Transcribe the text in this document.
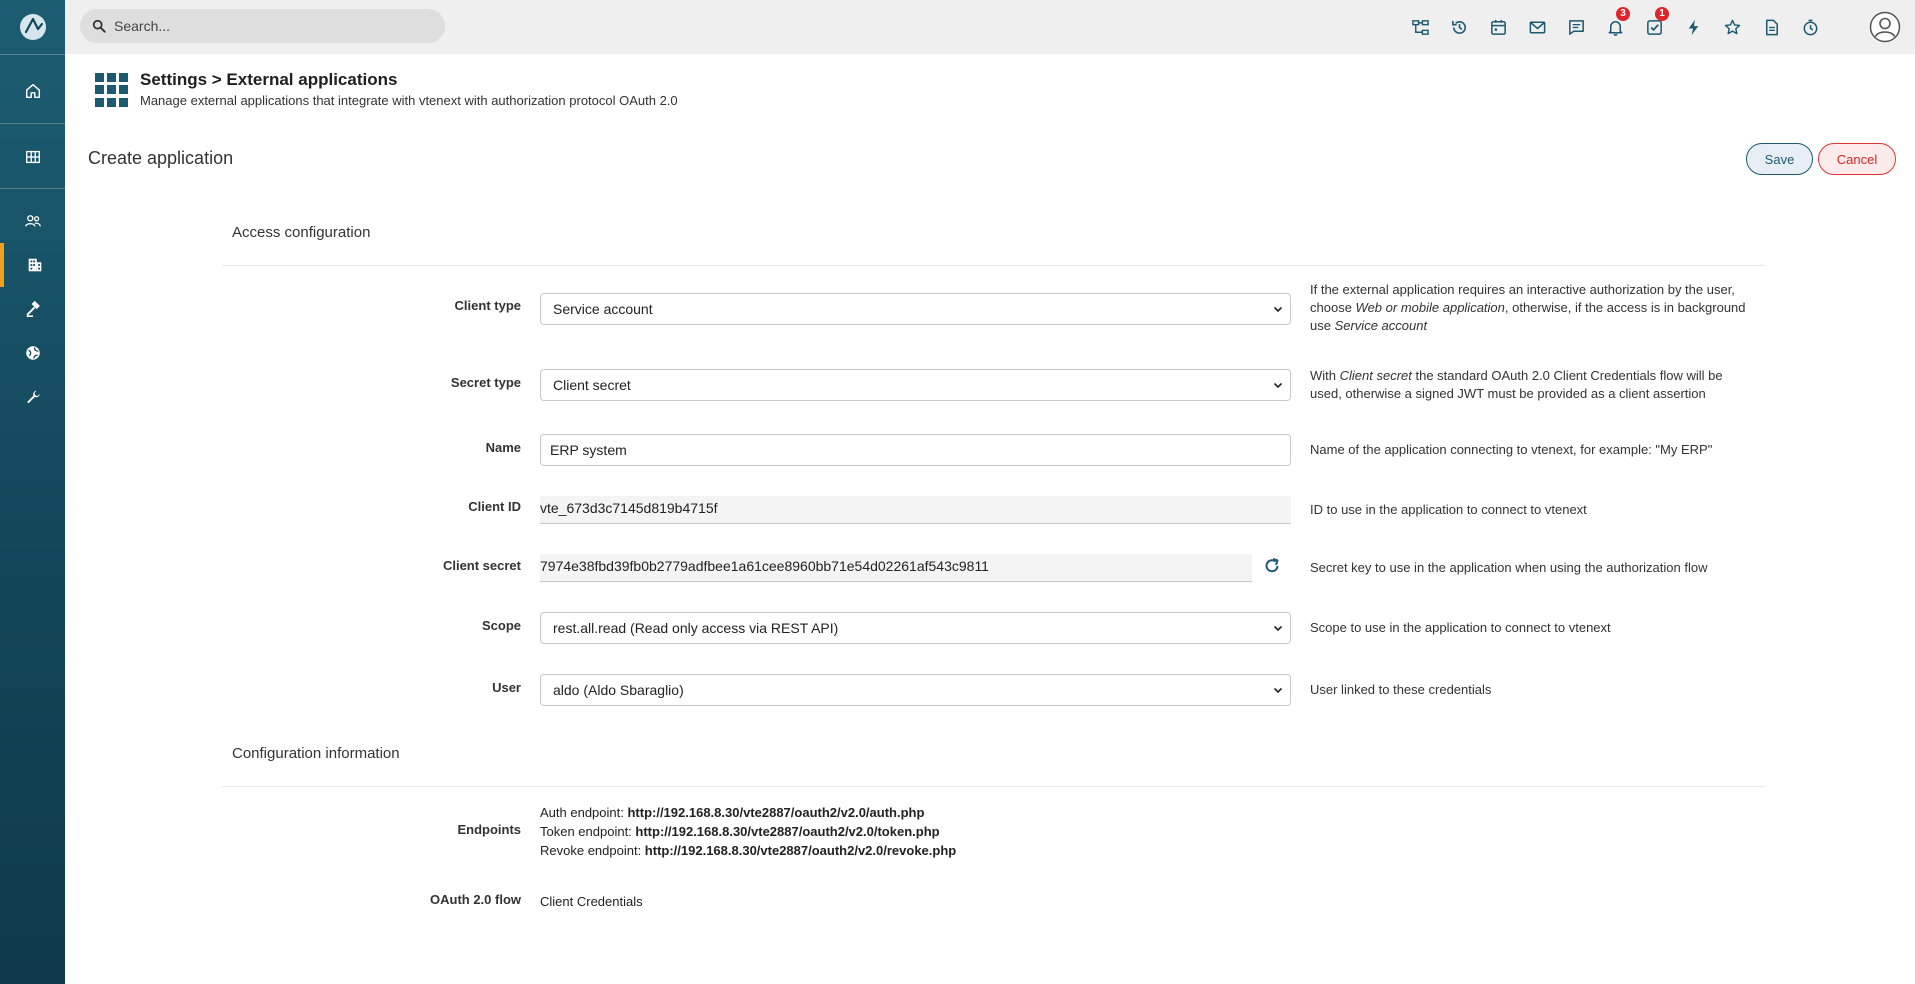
Search...
3	1
Settings > External applications
Manage external applications that integrate with vtenext with authorization protocol OAuth 2.0
Create application	Save	Cancel
Access configuration
Client type Service account
If the external application requires an interactive authorization by the user, choose Web or mobile application, otherwise, if the access is in background use Service account
Secret type Client secret
With Client secret the standard OAuth 2.0 Client Credentials flow will be used, otherwise a signed JWT must be provided as a client assertion
Name ERP system	Name of the application connecting to vtenext, for example: "My ERP"
Client ID vte_673d3c7145d819b4715f	ID to use in the application to connect to vtenext
Client secret 7974e38fbd39fb0b2779adfbee1a61cee8960bb71e54d02261af543c9811	Secret key to use in the application when using the authorization flow
Scope rest.all.read (Read only access via REST API)	Scope to use in the application to connect to vtenext
User aldo (Aldo Sbaraglio)	User linked to these credentials
Configuration information
Endpoints
Auth endpoint: http://192.168.8.30/vte2887/oauth2/v2.0/auth.php
Token endpoint: http://192.168.8.30/vte2887/oauth2/v2.0/token.php
Revoke endpoint: http://192.168.8.30/vte2887/oauth2/v2.0/revoke.php
OAuth 2.0 flow Client Credentials
